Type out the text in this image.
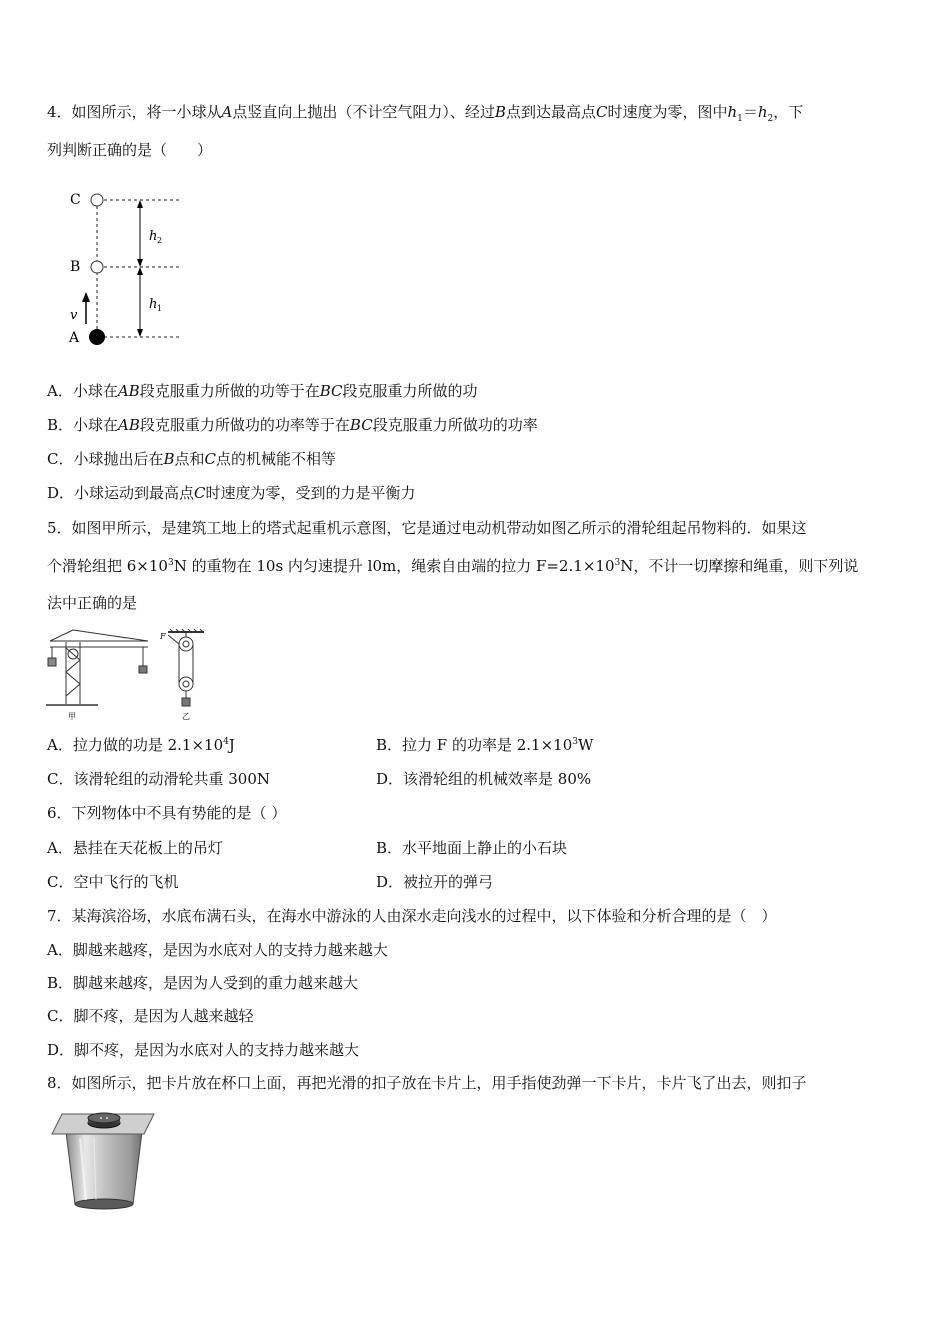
4．如图所示，将一小球从A点竖直向上抛出（不计空气阻力）、经过B点到达最高点C时速度为零，图中$h_1=h_2$，下
列判断正确的是（　　）
C
B
A
v
h 2
h 1
A．小球在AB段克服重力所做的功等于在BC段克服重力所做的功
B．小球在AB段克服重力所做功的功率等于在BC段克服重力所做功的功率
C．小球抛出后在B点和C点的机械能不相等
D．小球运动到最高点C时速度为零，受到的力是平衡力
5．如图甲所示，是建筑工地上的塔式起重机示意图，它是通过电动机带动如图乙所示的滑轮组起吊物料的．如果这
个滑轮组把 $6\times 10^3N$ 的重物在 10s 内匀速提升 l0m，绳索自由端的拉力 $F=2.1\times 10^3N$，不计一切摩擦和绳重，则下列说
法中正确的是
甲
F
乙
A．拉力做的功是 $2.1\times 10^4J$	B．拉力 F 的功率是 $2.1\times 10^3W$
C．该滑轮组的动滑轮共重 300N	D．该滑轮组的机械效率是 80%
6．下列物体中不具有势能的是（ ）
A．悬挂在天花板上的吊灯	B．水平地面上静止的小石块
C．空中飞行的飞机	D．被拉开的弹弓
7．某海滨浴场，水底布满石头，在海水中游泳的人由深水走向浅水的过程中，以下体验和分析合理的是（　）
A．脚越来越疼，是因为水底对人的支持力越来越大
B．脚越来越疼，是因为人受到的重力越来越大
C．脚不疼，是因为人越来越轻
D．脚不疼，是因为水底对人的支持力越来越大
8．如图所示，把卡片放在杯口上面，再把光滑的扣子放在卡片上，用手指使劲弹一下卡片，卡片飞了出去，则扣子
